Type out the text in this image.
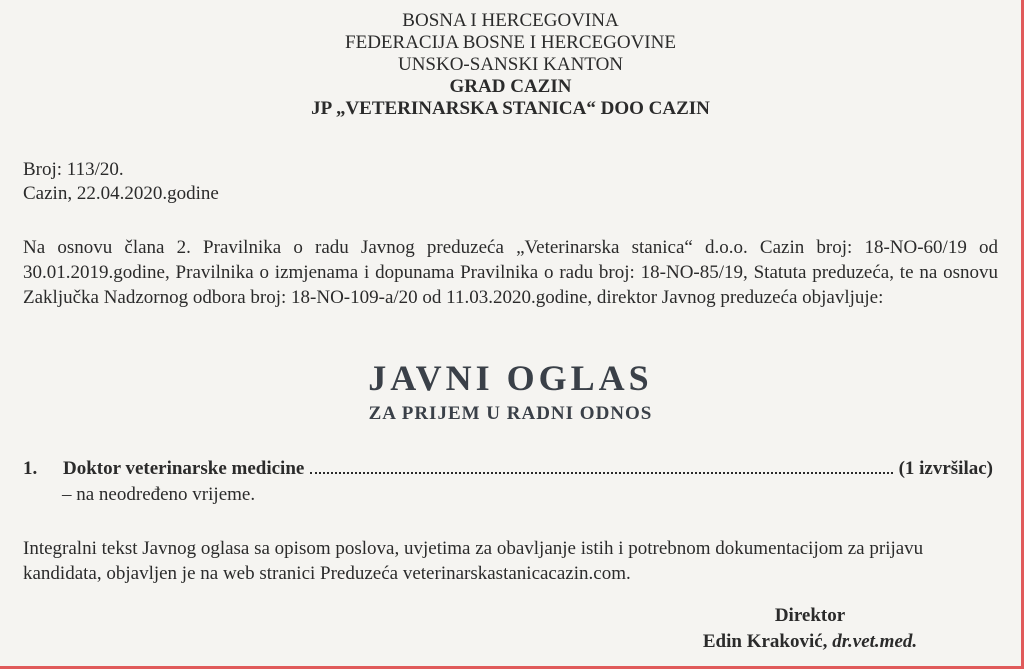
BOSNA I HERCEGOVINA
FEDERACIJA BOSNE I HERCEGOVINE
UNSKO-SANSKI KANTON
GRAD CAZIN
JP „VETERINARSKA STANICA“ DOO CAZIN
Broj: 113/20.
Cazin, 22.04.2020.godine
Na osnovu člana 2. Pravilnika o radu Javnog preduzeća „Veterinarska stanica“ d.o.o. Cazin broj: 18-NO-60/19 od 30.01.2019.godine, Pravilnika o izmjenama i dopunama Pravilnika o radu broj: 18-NO-85/19, Statuta preduzeća, te na osnovu Zaključka Nadzornog odbora broj: 18-NO-109-a/20 od 11.03.2020.godine, direktor Javnog preduzeća objavljuje:
JAVNI OGLAS
ZA PRIJEM U RADNI ODNOS
1.	Doktor veterinarske medicine	(1 izvršilac)
– na neodređeno vrijeme.
Integralni tekst Javnog oglasa sa opisom poslova, uvjetima za obavljanje istih i potrebnom dokumentacijom za prijavu kandidata, objavljen je na web stranici Preduzeća veterinarskastanicacazin.com.
Direktor
Edin Kraković, dr.vet.med.
